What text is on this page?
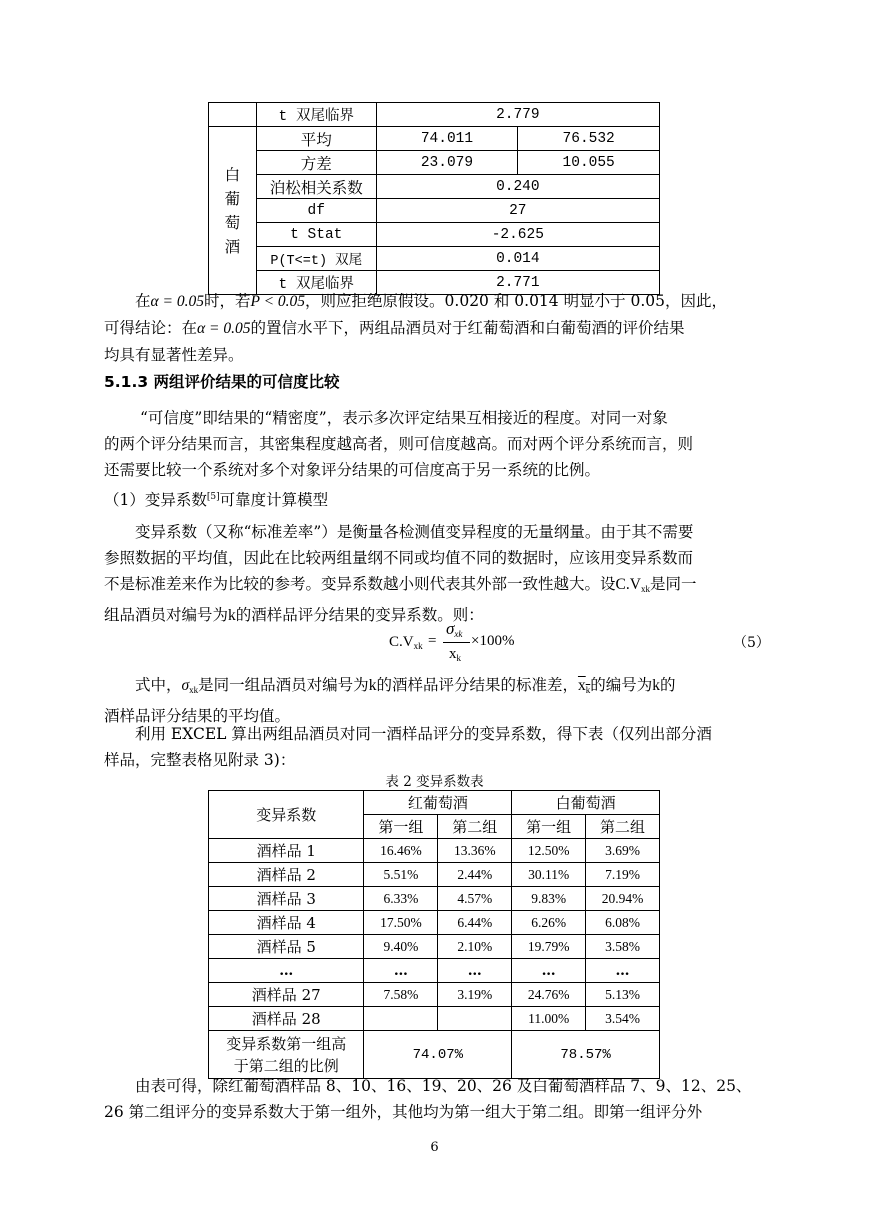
	t 双尾临界	2.779	

白
葡
萄
酒	平均	74.011	76.532
	方差	23.079	10.055
	泊松相关系数	0.240	
	df	27	
	t Stat	-2.625	
	P(T<=t) 双尾	0.014	
	t 双尾临界	2.771	
在α = 0.05时，若P < 0.05，则应拒绝原假设。0.020 和 0.014 明显小于 0.05，因此，
可得结论：在α = 0.05的置信水平下，两组品酒员对于红葡萄酒和白葡萄酒的评价结果
均具有显著性差异。
5.1.3 两组评价结果的可信度比较
“可信度”即结果的“精密度”，表示多次评定结果互相接近的程度。对同一对象
的两个评分结果而言，其密集程度越高者，则可信度越高。而对两个评分系统而言，则
还需要比较一个系统对多个对象评分结果的可信度高于另一系统的比例。
（1）变异系数[5]可靠度计算模型
变异系数（又称“标准差率”）是衡量各检测值变异程度的无量纲量。由于其不需要
参照数据的平均值，因此在比较两组量纲不同或均值不同的数据时，应该用变异系数而
不是标准差来作为比较的参考。变异系数越小则代表其外部一致性越大。设$C.V_{xk}$是同一
组品酒员对编号为k的酒样品评分结果的变异系数。则：
$C.V_{xk}$ =
$\sigma_{xk}$
$x_k$
×100%	（5）
式中，$\sigma_{xk}$是同一组品酒员对编号为k的酒样品评分结果的标准差，$x_k$的编号为k的
酒样品评分结果的平均值。
利用 EXCEL 算出两组品酒员对同一酒样品评分的变异系数，得下表（仅列出部分酒
样品，完整表格见附录 3)：
表 2 变异系数表
变异系数	红葡萄酒		白葡萄酒	
	第一组	第二组	第一组	第二组
酒样品 1	16.46%	13.36%	12.50%	3.69%
酒样品 2	5.51%	2.44%	30.11%	7.19%
酒样品 3	6.33%	4.57%	9.83%	20.94%
酒样品 4	17.50%	6.44%	6.26%	6.08%
酒样品 5	9.40%	2.10%	19.79%	3.58%
…	…	…	…	…
酒样品 27	7.58%	3.19%	24.76%	5.13%
酒样品 28			11.00%	3.54%

变异系数第一组高
于第二组的比例	74.07%		78.57%	
由表可得，除红葡萄酒样品 8、10、16、19、20、26 及白葡萄酒样品 7、9、12、25、
26 第二组评分的变异系数大于第一组外，其他均为第一组大于第二组。即第一组评分外
6
